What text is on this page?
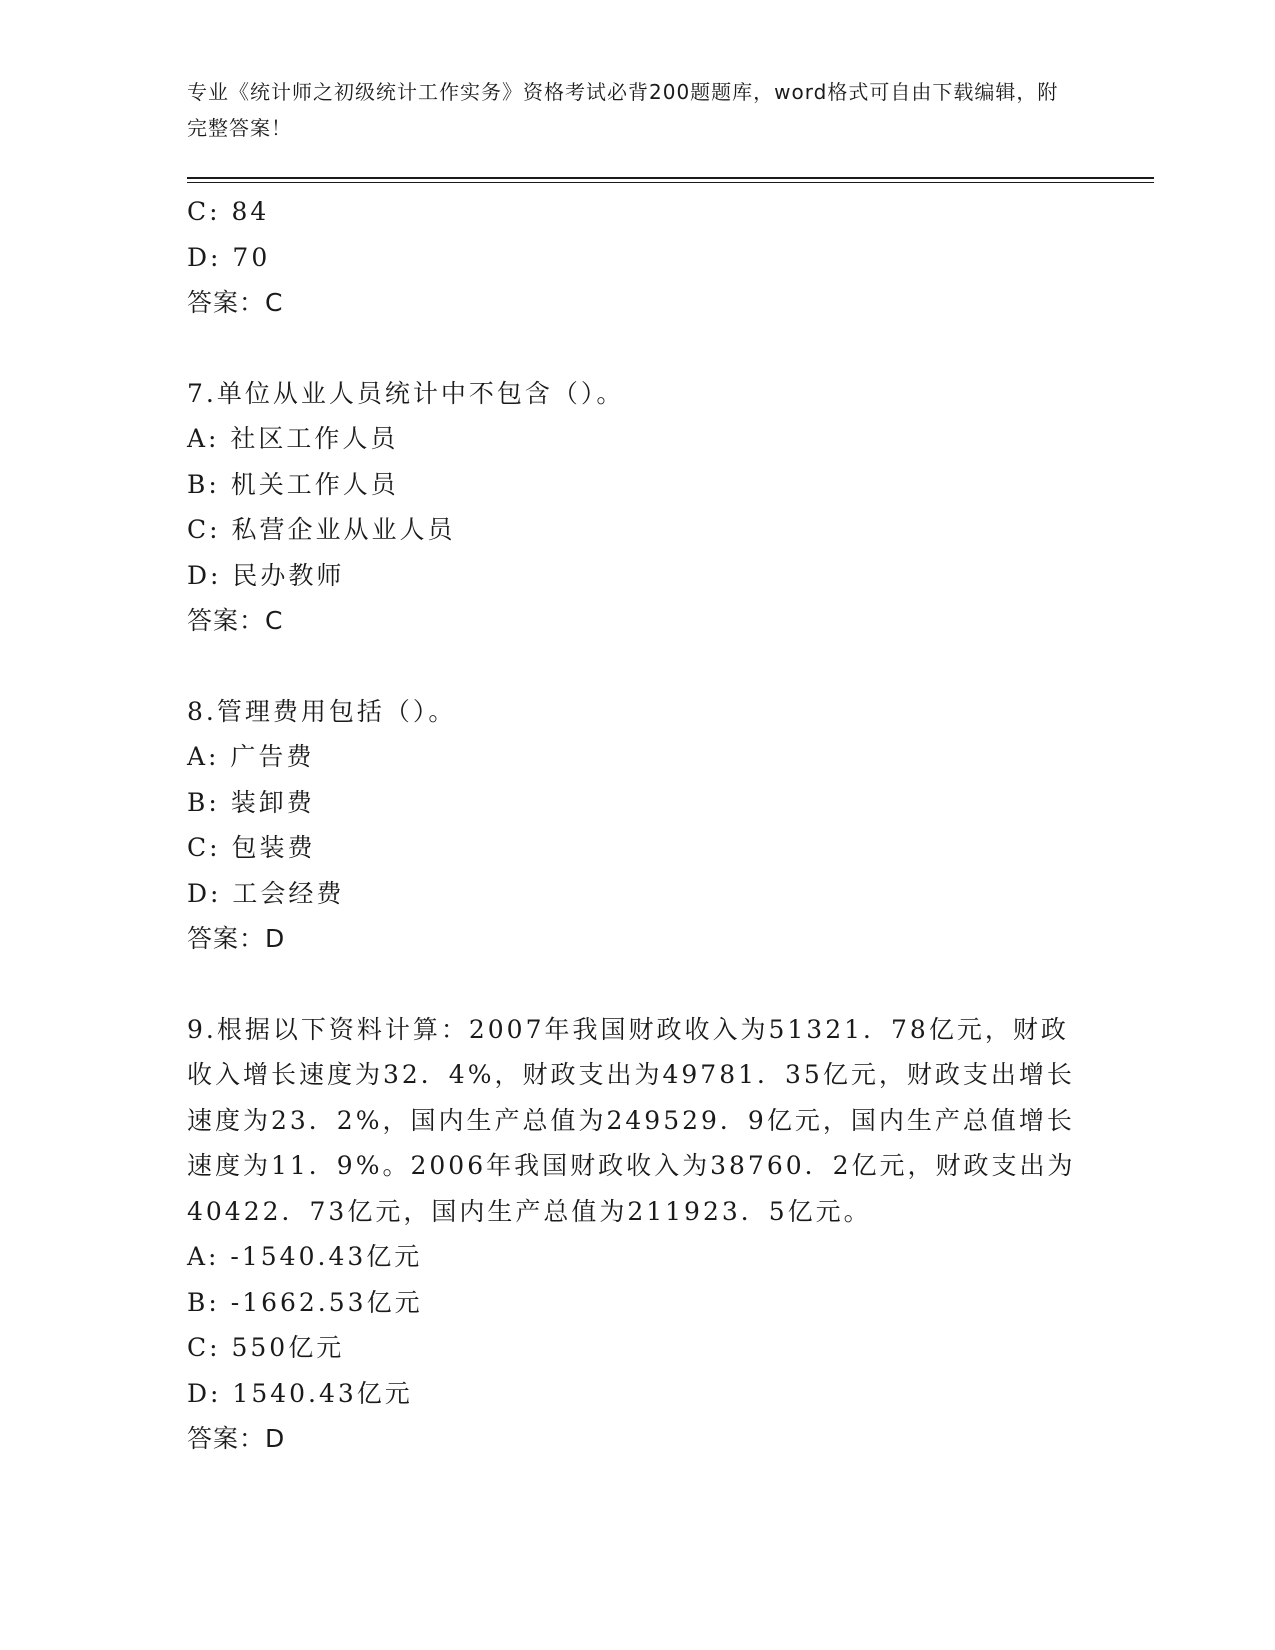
专业《统计师之初级统计工作实务》资格考试必背200题题库，word格式可自由下载编辑，附完整答案！
C: 84
D: 70
答案：C
7.单位从业人员统计中不包含（）。
A: 社区工作人员
B: 机关工作人员
C: 私营企业从业人员
D: 民办教师
答案：C
8.管理费用包括（）。
A: 广告费
B: 装卸费
C: 包装费
D: 工会经费
答案：D
9.根据以下资料计算：2007年我国财政收入为51321．78亿元，财政
收入增长速度为32．4%，财政支出为49781．35亿元，财政支出增长
速度为23．2%，国内生产总值为249529．9亿元，国内生产总值增长
速度为11．9%。2006年我国财政收入为38760．2亿元，财政支出为
40422．73亿元，国内生产总值为211923．5亿元。
A: -1540.43亿元
B: -1662.53亿元
C: 550亿元
D: 1540.43亿元
答案：D
